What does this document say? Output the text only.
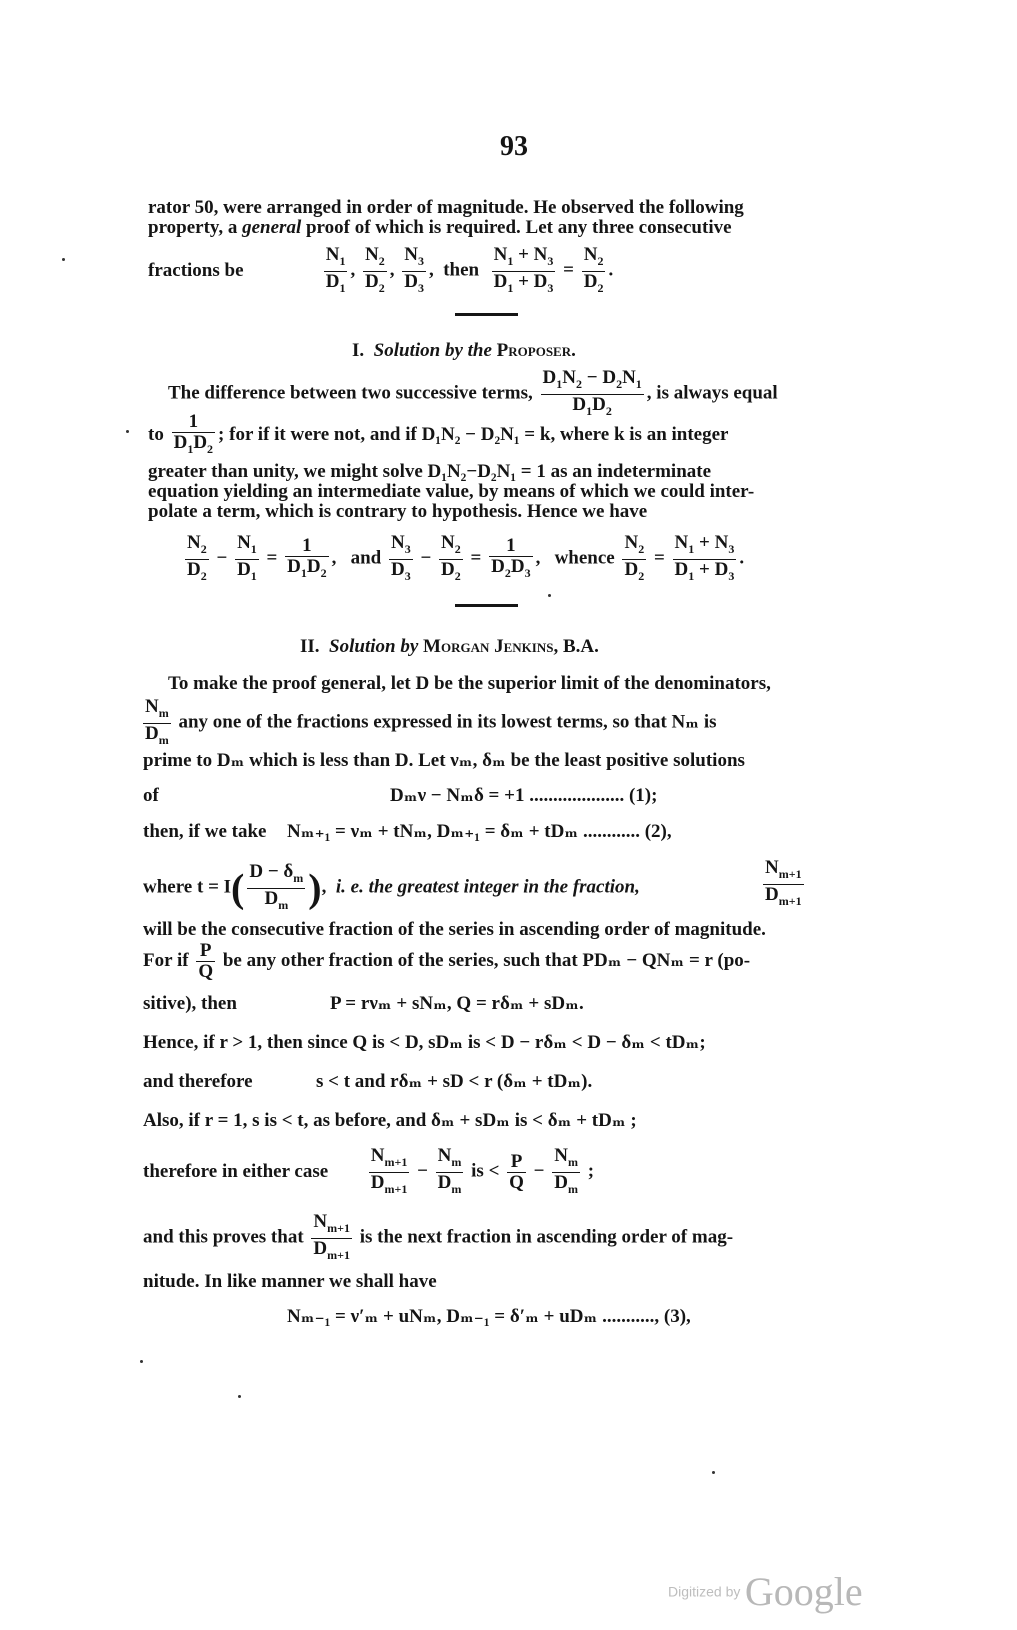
93
rator 50, were arranged in order of magnitude. He observed the following
property, a general proof of which is required. Let any three consecutive
fractions be	$\frac{N_1}{D_1}$ , $\frac{N_2}{D_2}$ , $\frac{N_3}{D_3}$ ,  then $\frac{N_1 + N_3}{D_1 + D_3} = \frac{N_2}{D_2}$ .
I. Solution by the Proposer.
The difference between two successive terms, $\frac{D_1N_2 - D_2N_1}{D_1D_2}$ , is always equal
to $\frac{1}{D_1D_2}$ ; for if it were not, and if D₁N₂ − D₂N₁ = k, where k is an integer
greater than unity, we might solve D₁N₂−D₂N₁ = 1 as an indeterminate
equation yielding an intermediate value, by means of which we could inter-
polate a term, which is contrary to hypothesis. Hence we have
$\frac{N_2}{D_2} - \frac{N_1}{D_1} = \frac{1}{D_1D_2}$ ,   and $\frac{N_3}{D_3} - \frac{N_2}{D_2} = \frac{1}{D_2D_3}$ ,   whence $\frac{N_2}{D_2} = \frac{N_1 + N_3}{D_1 + D_3}$ .
II. Solution by Morgan Jenkins, B.A.
To make the proof general, let D be the superior limit of the denominators,
$\frac{N_m}{D_m}$ any one of the fractions expressed in its lowest terms, so that Nₘ is
prime to Dₘ which is less than D. Let νₘ, δₘ be the least positive solutions
of	Dₘν − Nₘδ = +1 .................... (1);
then, if we take Nₘ₊₁ = νₘ + tNₘ, Dₘ₊₁ = δₘ + tDₘ ............ (2),
where $t = I( \frac{D - \delta_m}{D_m}$ ),  i. e. the greatest integer in the fraction,	$\frac{N_{m+1}}{D_{m+1}}$
will be the consecutive fraction of the series in ascending order of magnitude.
For if $\frac{P}{Q}$ be any other fraction of the series, such that PDₘ − QNₘ = r (po-
sitive), then	P = rνₘ + sNₘ, Q = rδₘ + sDₘ.
Hence, if r > 1, then since Q is < D, sDₘ is < D − rδₘ < D − δₘ < tDₘ;
and therefore	s < t and rδₘ + sD < r (δₘ + tDₘ).
Also, if r = 1, s is < t, as before, and δₘ + sDₘ is < δₘ + tDₘ ;
therefore in either case $\frac{N_{m+1}}{D_{m+1}} - \frac{N_m}{D_m}$ is < $\frac{P}{Q} - \frac{N_m}{D_m}$ ;
and this proves that $\frac{N_{m+1}}{D_{m+1}}$ is the next fraction in ascending order of mag-
nitude. In like manner we shall have
Nₘ₋₁ = ν′ₘ + uNₘ, Dₘ₋₁ = δ′ₘ + uDₘ ..........., (3),
Digitized by Google
